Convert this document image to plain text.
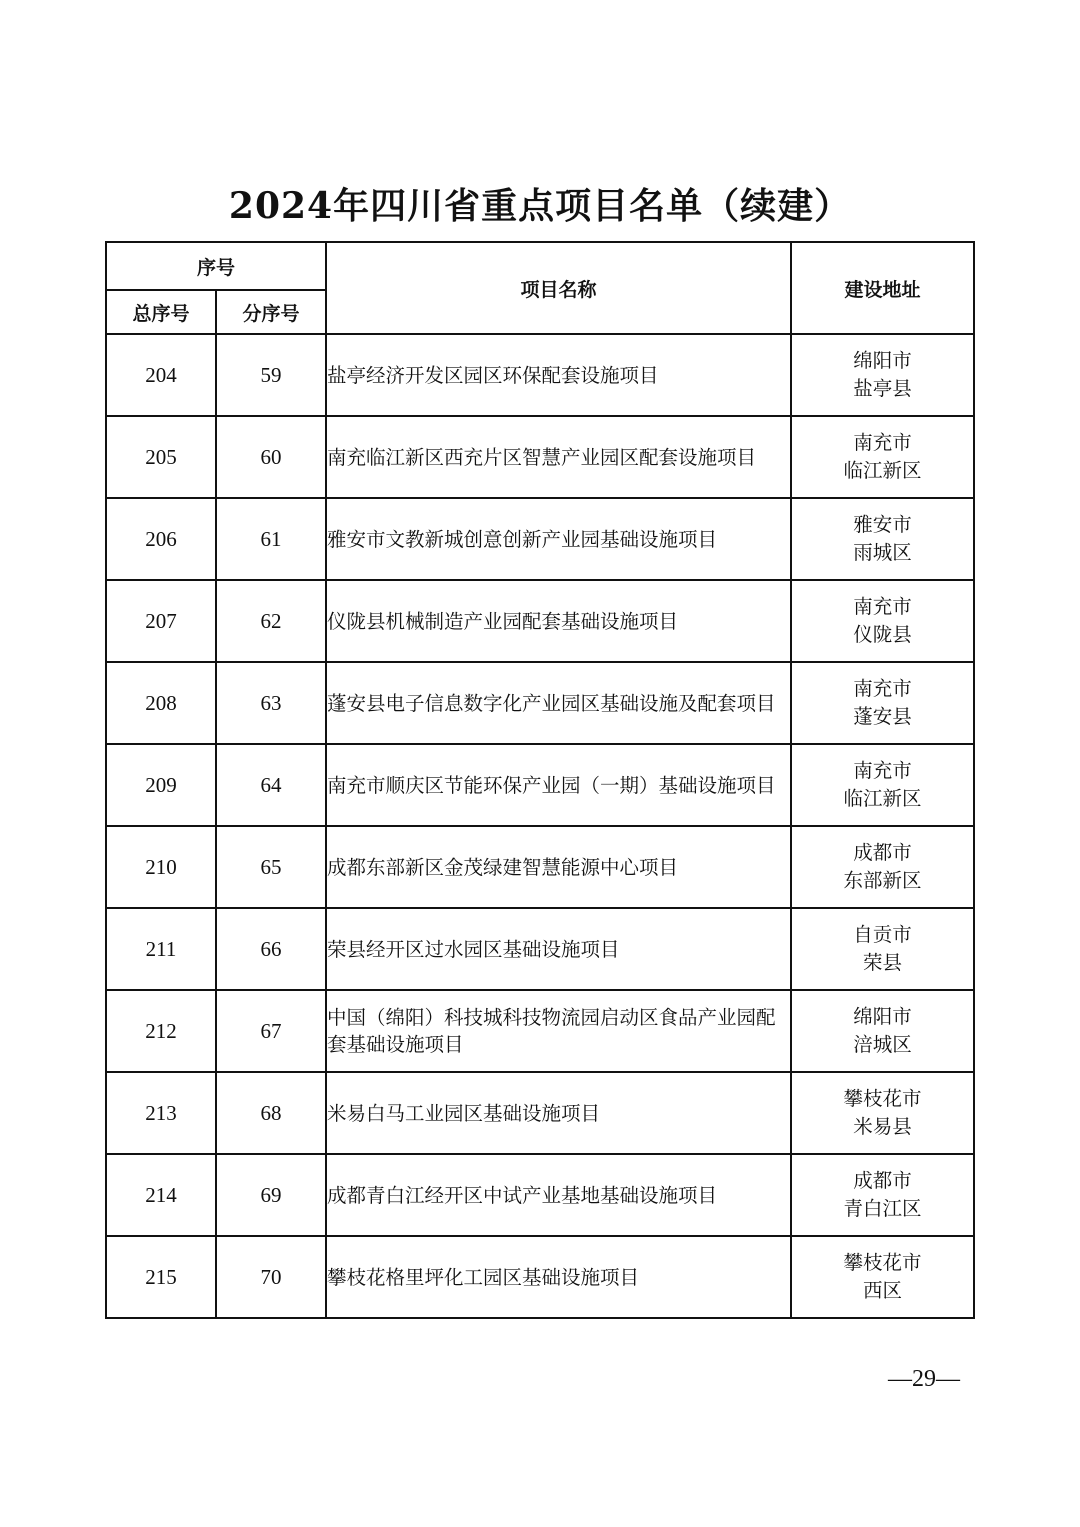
2024年四川省重点项目名单（续建）
序号		项目名称	建设地址
总序号	分序号		
204	59	盐亭经济开发区园区环保配套设施项目	绵阳市
盐亭县

205	60	南充临江新区西充片区智慧产业园区配套设施项目	南充市
临江新区

206	61	雅安市文教新城创意创新产业园基础设施项目	雅安市
雨城区

207	62	仪陇县机械制造产业园配套基础设施项目	南充市
仪陇县

208	63	蓬安县电子信息数字化产业园区基础设施及配套项目	南充市
蓬安县

209	64	南充市顺庆区节能环保产业园（一期）基础设施项目	南充市
临江新区

210	65	成都东部新区金茂绿建智慧能源中心项目	成都市
东部新区

211	66	荣县经开区过水园区基础设施项目	自贡市
荣县

212	67	中国（绵阳）科技城科技物流园启动区食品产业园配套基础设施项目	绵阳市
涪城区

213	68	米易白马工业园区基础设施项目	攀枝花市
米易县

214	69	成都青白江经开区中试产业基地基础设施项目	成都市
青白江区

215	70	攀枝花格里坪化工园区基础设施项目	攀枝花市
西区
—29—
